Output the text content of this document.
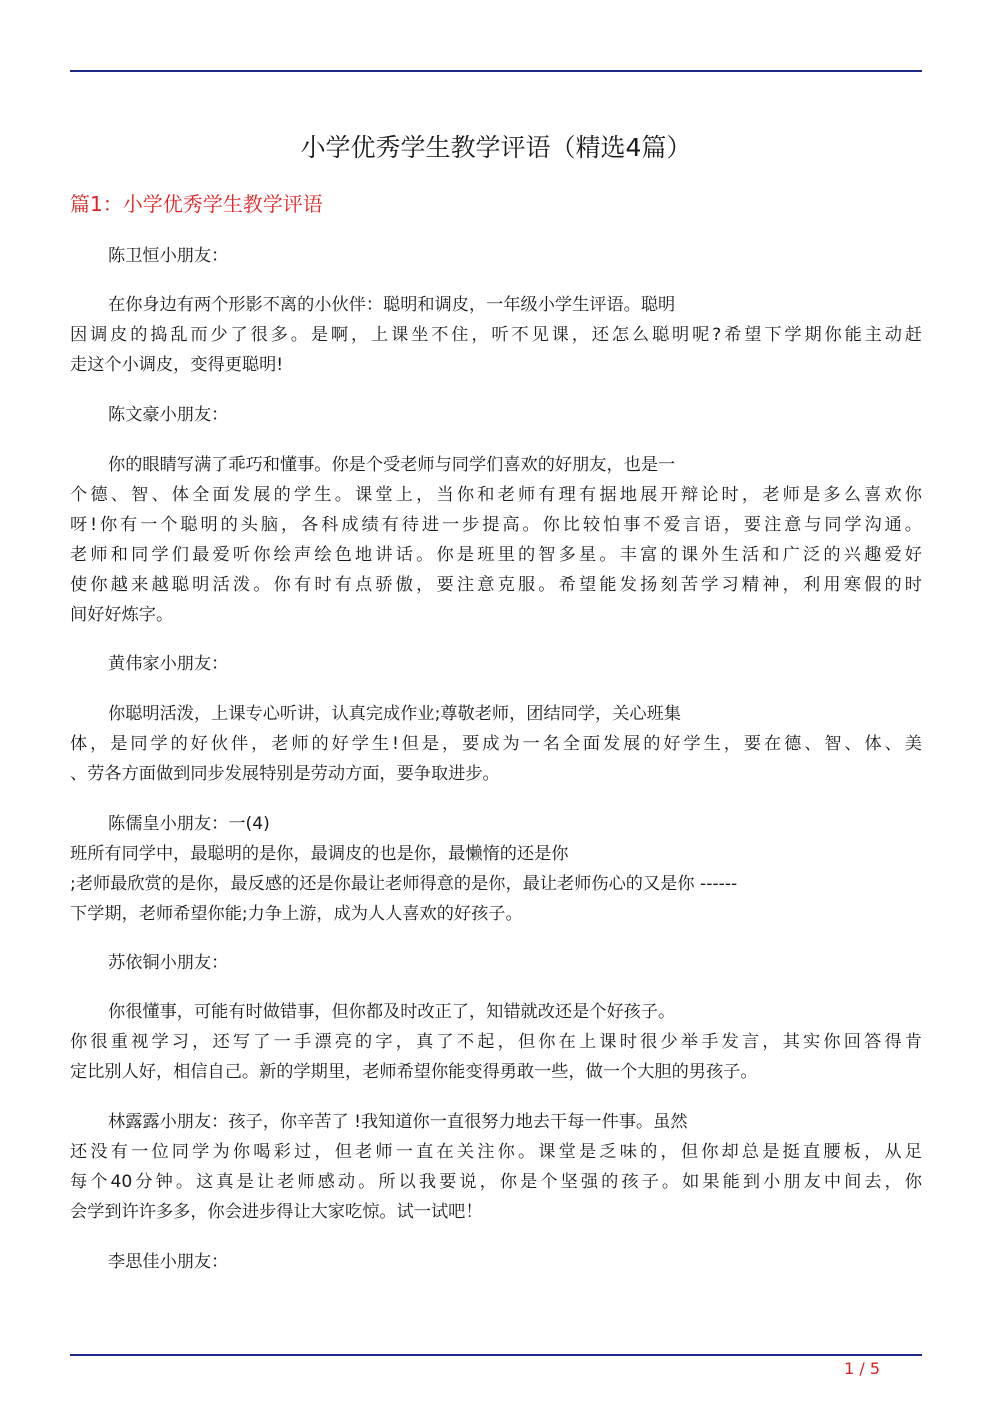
小学优秀学生教学评语（精选4篇）
篇1：小学优秀学生教学评语
陈卫恒小朋友：
在你身边有两个形影不离的小伙伴：聪明和调皮，一年级小学生评语。聪明
因调皮的捣乱而少了很多。是啊，上课坐不住，听不见课，还怎么聪明呢?希望下学期你能主动赶
走这个小调皮，变得更聪明!
陈文豪小朋友：
你的眼睛写满了乖巧和懂事。你是个受老师与同学们喜欢的好朋友，也是一
个德、智、体全面发展的学生。课堂上，当你和老师有理有据地展开辩论时，老师是多么喜欢你
呀!你有一个聪明的头脑，各科成绩有待进一步提高。你比较怕事不爱言语，要注意与同学沟通。
老师和同学们最爱听你绘声绘色地讲话。你是班里的智多星。丰富的课外生活和广泛的兴趣爱好
使你越来越聪明活泼。你有时有点骄傲，要注意克服。希望能发扬刻苦学习精神，利用寒假的时
间好好炼字。
黄伟家小朋友：
你聪明活泼，上课专心听讲，认真完成作业;尊敬老师，团结同学，关心班集
体，是同学的好伙伴，老师的好学生!但是，要成为一名全面发展的好学生，要在德、智、体、美
、劳各方面做到同步发展特别是劳动方面，要争取进步。
陈儒皇小朋友：一(4)
班所有同学中，最聪明的是你，最调皮的也是你，最懒惰的还是你
;老师最欣赏的是你，最反感的还是你最让老师得意的是你，最让老师伤心的又是你 ------
下学期，老师希望你能;力争上游，成为人人喜欢的好孩子。
苏依铜小朋友：
你很懂事，可能有时做错事，但你都及时改正了，知错就改还是个好孩子。
你很重视学习，还写了一手漂亮的字，真了不起，但你在上课时很少举手发言，其实你回答得肯
定比别人好，相信自己。新的学期里，老师希望你能变得勇敢一些，做一个大胆的男孩子。
林露露小朋友：孩子，你辛苦了 !我知道你一直很努力地去干每一件事。虽然
还没有一位同学为你喝彩过，但老师一直在关注你。课堂是乏味的，但你却总是挺直腰板，从足
每个40分钟。这真是让老师感动。所以我要说，你是个坚强的孩子。如果能到小朋友中间去，你
会学到许许多多，你会进步得让大家吃惊。试一试吧！
李思佳小朋友：
1 / 5
